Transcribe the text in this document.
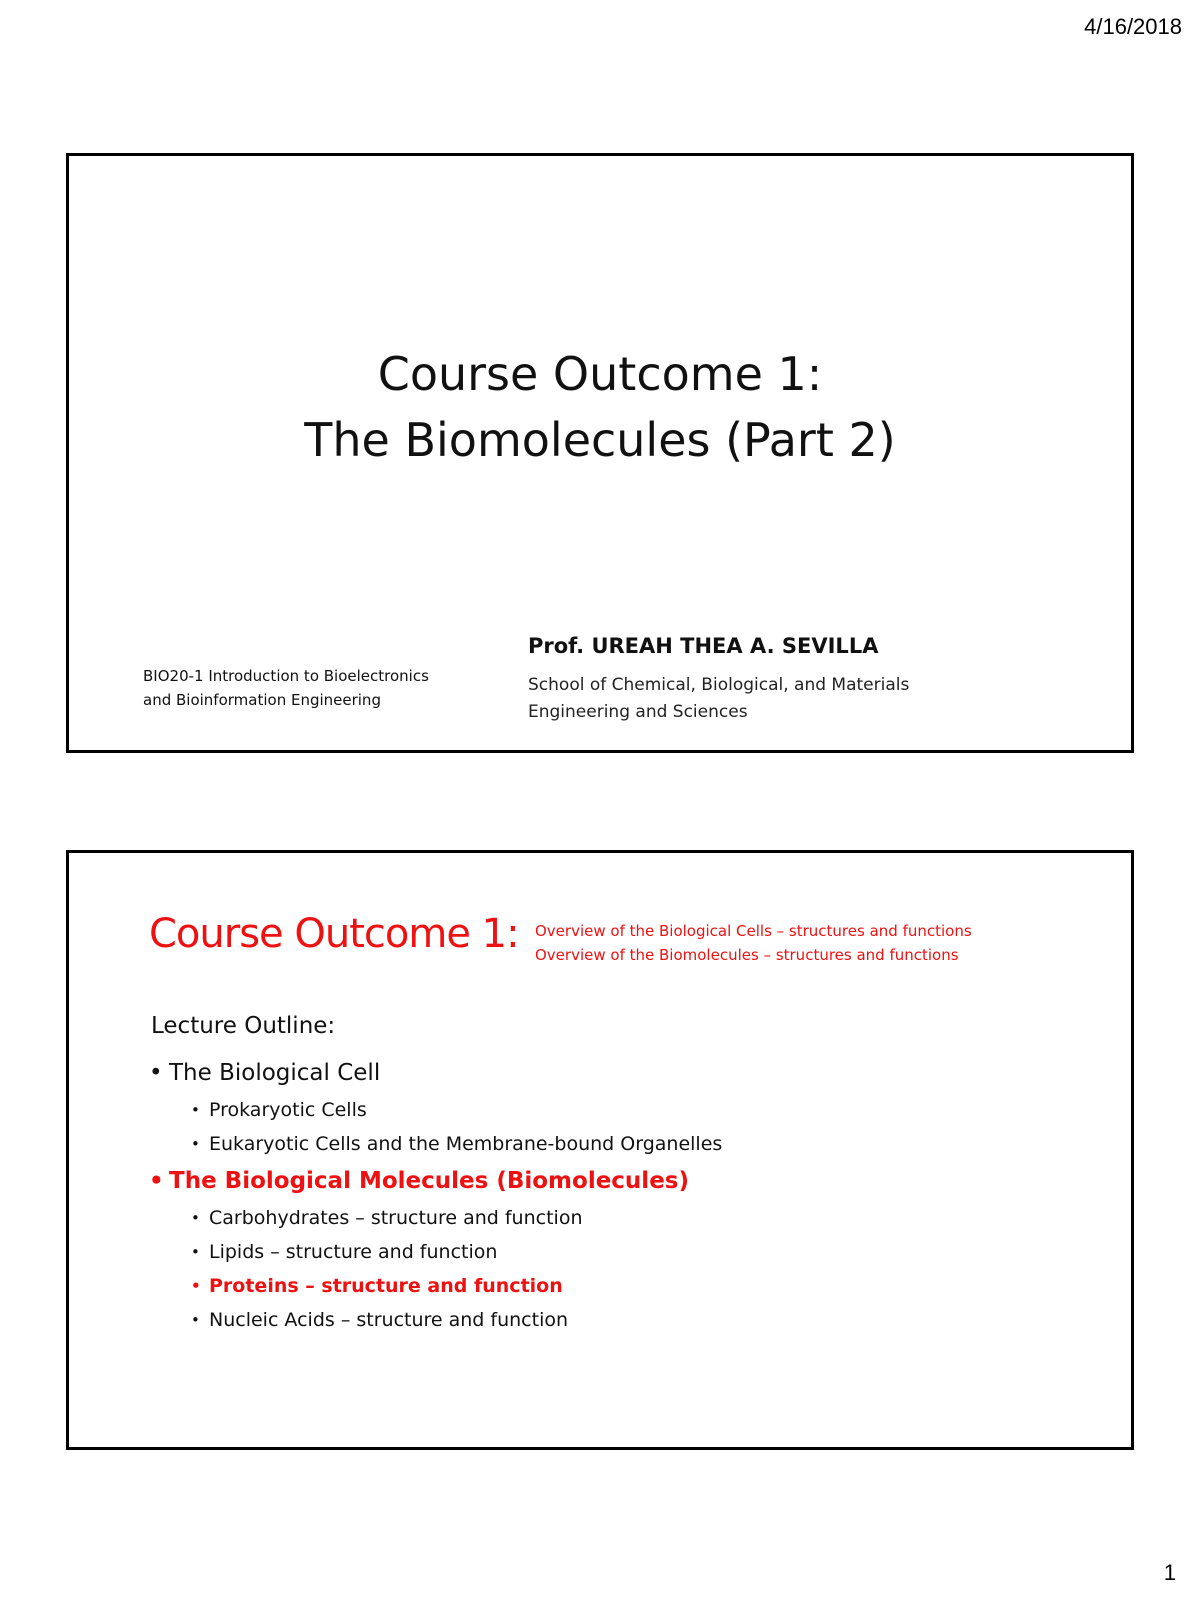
4/16/2018
Course Outcome 1:
The Biomolecules (Part 2)
BIO20-1 Introduction to Bioelectronics
and Bioinformation Engineering
Prof. UREAH THEA A. SEVILLA
School of Chemical, Biological, and Materials
Engineering and Sciences
Course Outcome 1: Overview of the Biological Cells – structures and functions
Overview of the Biomolecules – structures and functions
Lecture Outline:
• The Biological Cell
• Prokaryotic Cells
• Eukaryotic Cells and the Membrane-bound Organelles
• The Biological Molecules (Biomolecules)
• Carbohydrates – structure and function
• Lipids – structure and function
• Proteins – structure and function
• Nucleic Acids – structure and function
1
